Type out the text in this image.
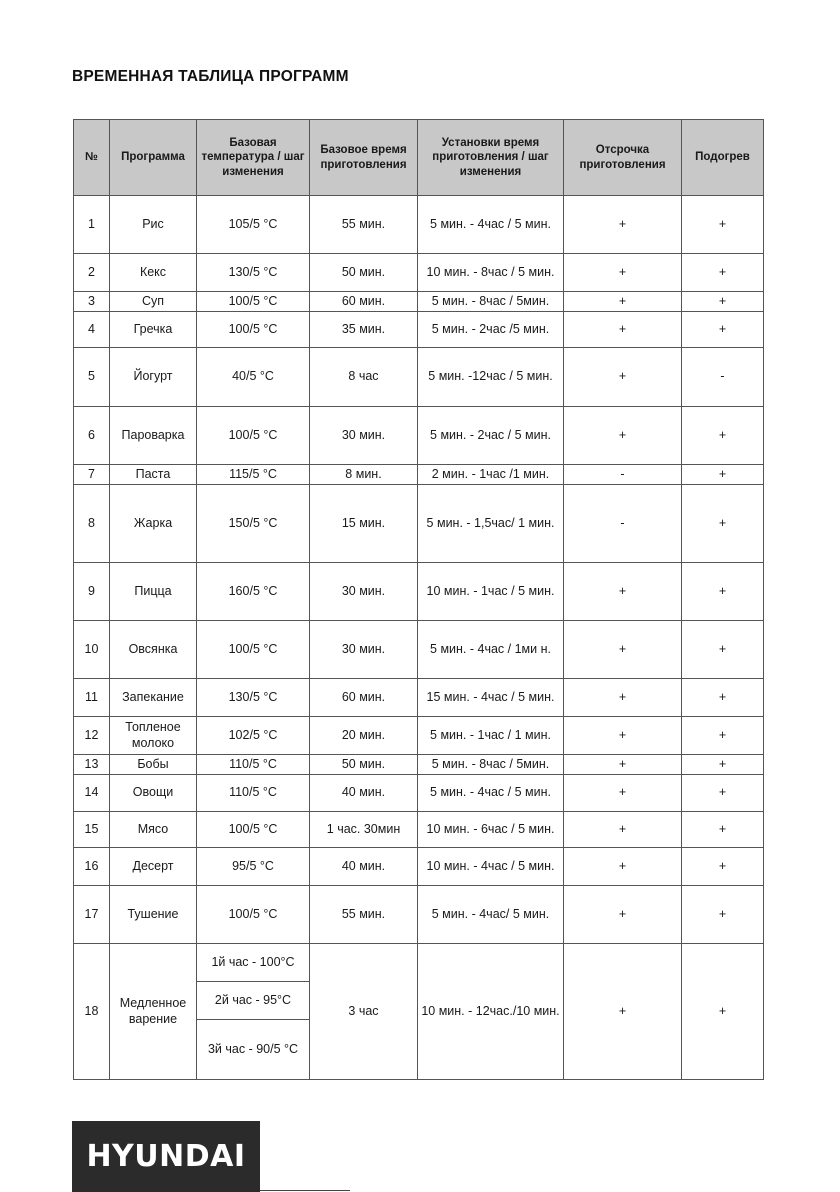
ВРЕМЕННАЯ ТАБЛИЦА ПРОГРАММ
№	Программа	Базовая температура / шаг изменения	Базовое время приготовления	Установки время приготовления / шаг изменения	Отсрочка приготовления	Подогрев
1	Рис	105/5 °С	55 мин.	5 мин. - 4час / 5 мин.	+	+
2	Кекс	130/5 °С	50 мин.	10 мин. - 8час / 5 мин.	+	+
3	Суп	100/5 °С	60 мин.	5 мин. - 8час / 5мин.	+	+
4	Гречка	100/5 °С	35 мин.	5 мин. - 2час /5 мин.	+	+
5	Йогурт	40/5 °С	8 час	5 мин. -12час / 5 мин.	+	-
6	Пароварка	100/5 °С	30 мин.	5 мин. - 2час / 5 мин.	+	+
7	Паста	115/5 °С	8 мин.	2 мин. - 1час /1 мин.	-	+
8	Жарка	150/5 °С	15 мин.	5 мин. - 1,5час/ 1 мин.	-	+
9	Пицца	160/5 °С	30 мин.	10 мин. - 1час / 5 мин.	+	+
10	Овсянка	100/5 °С	30 мин.	5 мин. - 4час / 1ми н.	+	+
11	Запекание	130/5 °С	60 мин.	15 мин. - 4час / 5 мин.	+	+
12	Топленое молоко	102/5 °С	20 мин.	5 мин. - 1час / 1 мин.	+	+
13	Бобы	110/5 °С	50 мин.	5 мин. - 8час / 5мин.	+	+
14	Овощи	110/5 °С	40 мин.	5 мин. - 4час / 5 мин.	+	+
15	Мясо	100/5 °С	1 час. 30мин	10 мин. - 6час / 5 мин.	+	+
16	Десерт	95/5 °С	40 мин.	10 мин. - 4час / 5 мин.	+	+
17	Тушение	100/5 °С	55 мин.	5 мин. - 4час/ 5 мин.	+	+
18	Медленное варение	1й час - 100°С
2й час - 95°С
3й час - 90/5 °С	3 час	10 мин. - 12час./10 мин.	+	+
HYUNDAI
